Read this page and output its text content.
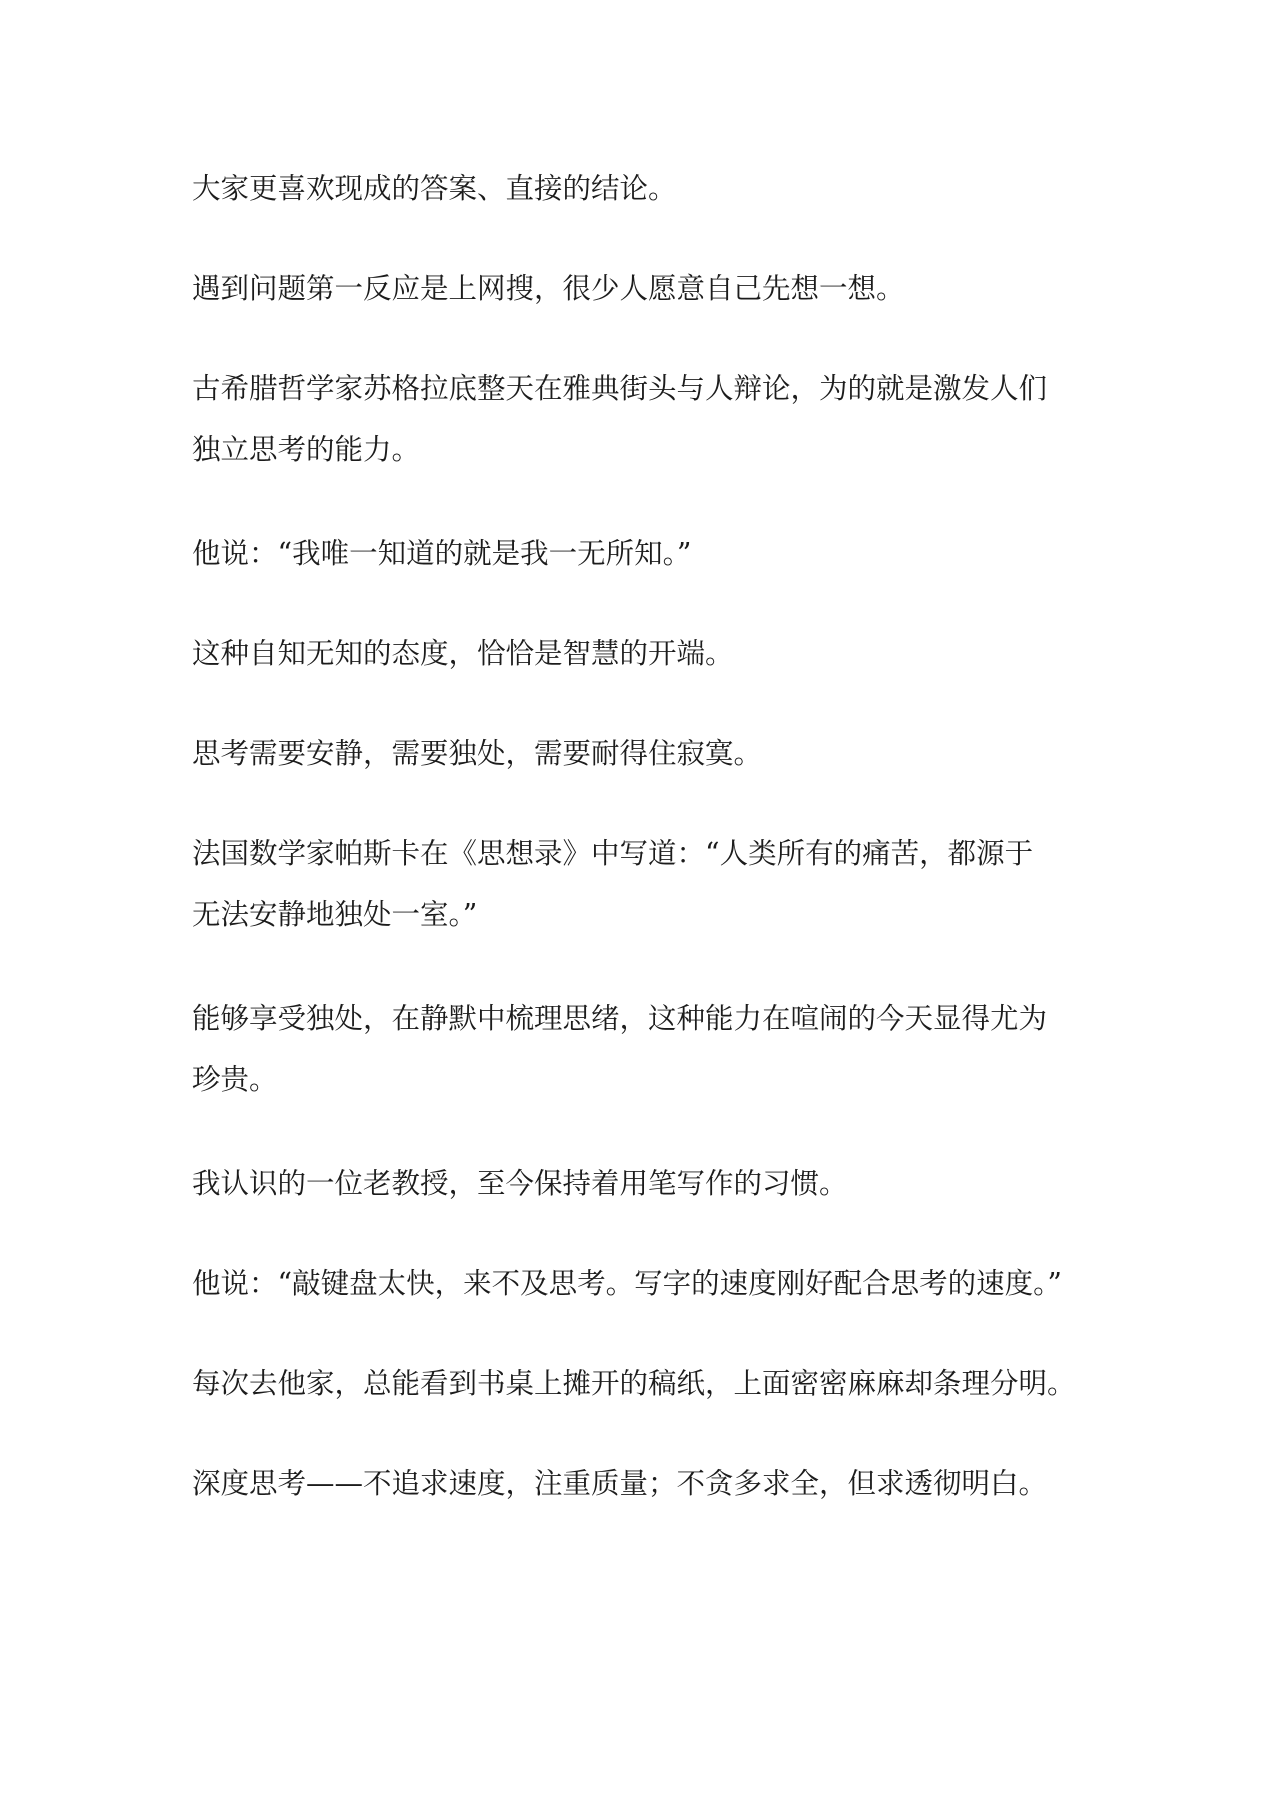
大家更喜欢现成的答案、直接的结论。

遇到问题第一反应是上网搜，很少人愿意自己先想一想。

古希腊哲学家苏格拉底整天在雅典街头与人辩论，为的就是激发人们
独立思考的能力。

他说：“我唯一知道的就是我一无所知。”

这种自知无知的态度，恰恰是智慧的开端。

思考需要安静，需要独处，需要耐得住寂寞。

法国数学家帕斯卡在《思想录》中写道：“人类所有的痛苦，都源于
无法安静地独处一室。”

能够享受独处，在静默中梳理思绪，这种能力在喧闹的今天显得尤为
珍贵。

我认识的一位老教授，至今保持着用笔写作的习惯。

他说：“敲键盘太快，来不及思考。写字的速度刚好配合思考的速度。”

每次去他家，总能看到书桌上摊开的稿纸，上面密密麻麻却条理分明。

深度思考——不追求速度，注重质量；不贪多求全，但求透彻明白。
